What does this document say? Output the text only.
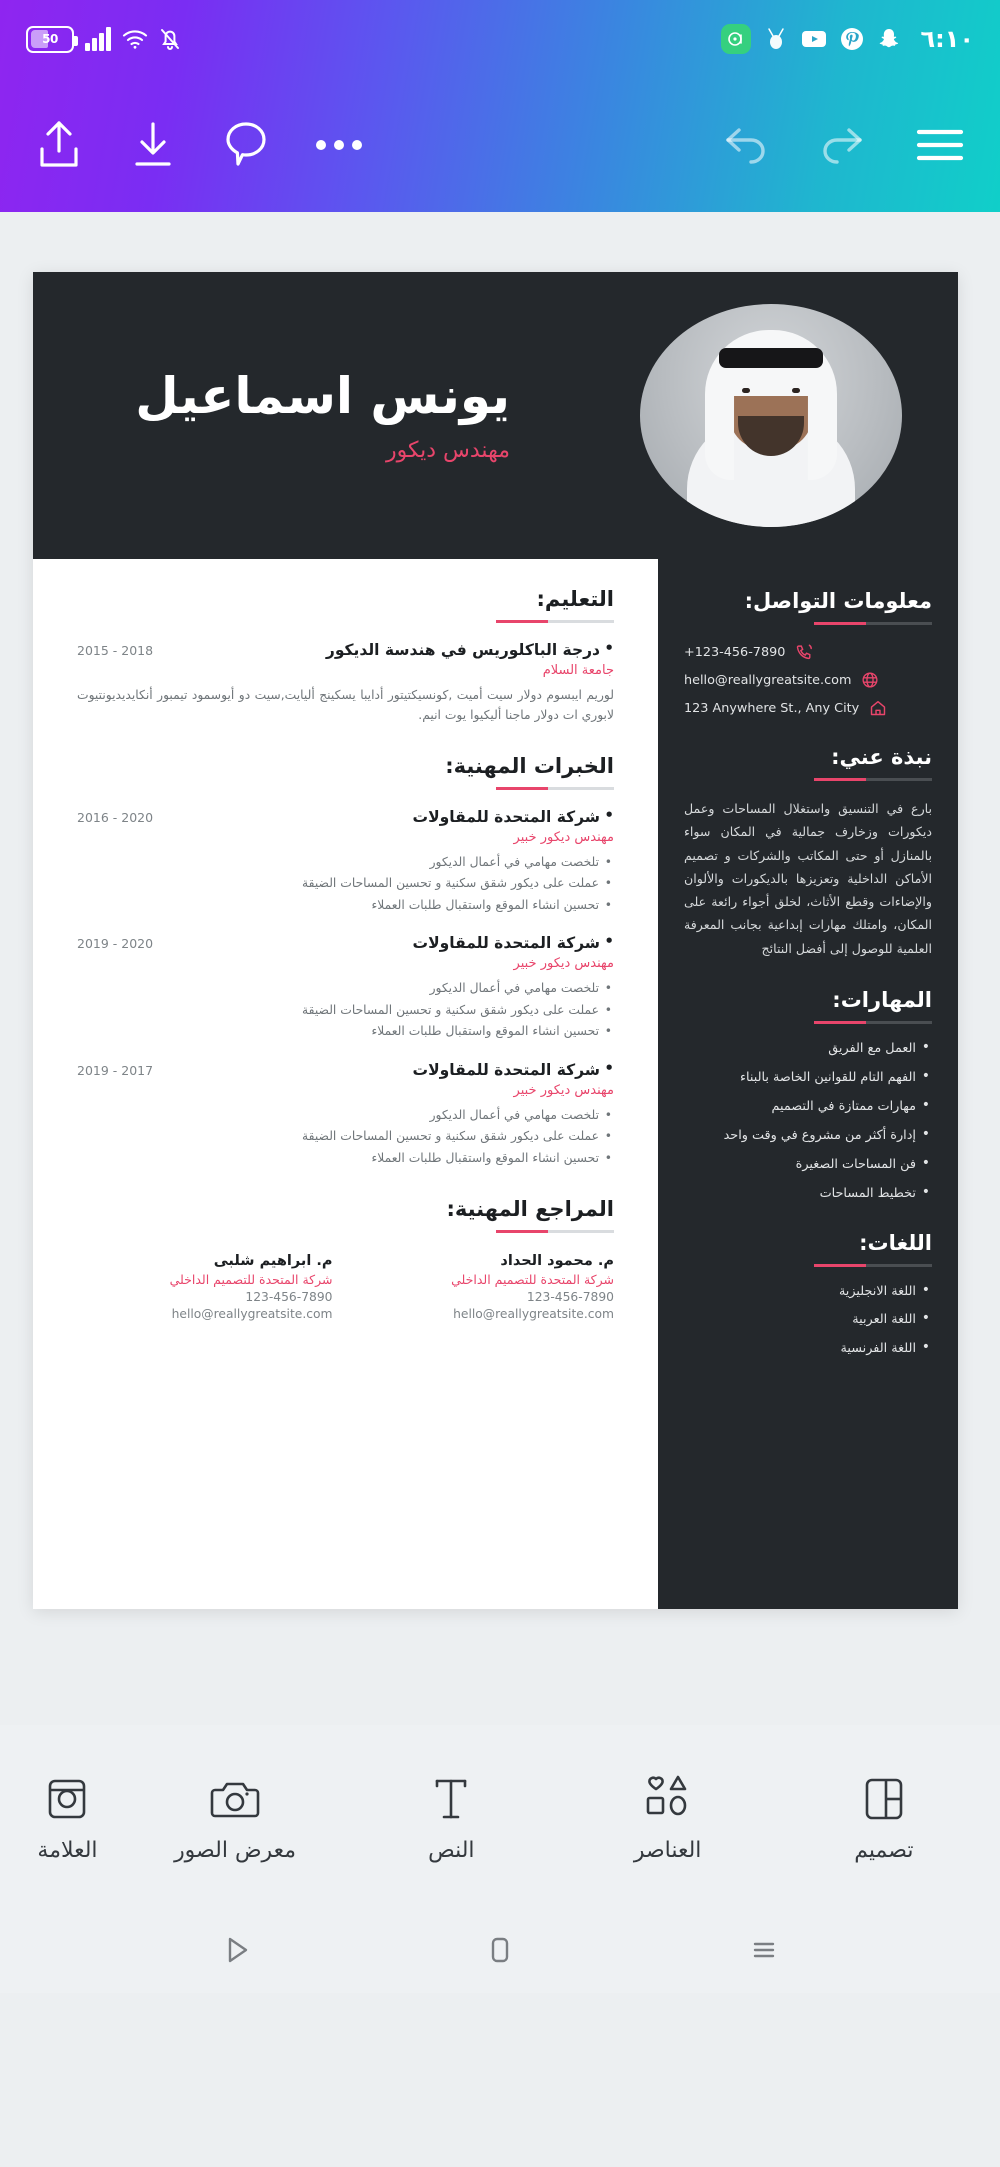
50	٦:١٠
يونس اسماعيل
مهندس ديكور
معلومات التواصل:
+123-456-7890
hello@reallygreatsite.com
123 Anywhere St., Any City
نبذة عني:
بارع في التنسيق واستغلال المساحات وعمل ديكورات وزخارف جمالية في المكان سواء بالمنازل أو حتى المكاتب والشركات و تصميم الأماكن الداخلية وتعزيزها بالديكورات والألوان والإضاءات وقطع الأثاث، لخلق أجواء رائعة على المكان، وامتلك مهارات إبداعية بجانب المعرفة العلمية للوصول إلى أفضل النتائج
المهارات:
• العمل مع الفريق
• الفهم التام للقوانين الخاصة بالبناء
• مهارات ممتازة في التصميم
• إدارة أكثر من مشروع في وقت واحد
• فن المساحات الصغيرة
• تخطيط المساحات
اللغات:
• اللغة الانجليزية
• اللغة العربية
• اللغة الفرنسية
التعليم:
• درجة الباكلوريس في هندسة الديكور
2015 - 2018
جامعة السلام
لوريم ايبسوم دولار سيت أميت ,كونسيكتيتور أدايبا يسكينج أليايت,سيت دو أيوسمود تيمبور أنكايديديونتيوت لابوري ات دولار ماجنا أليكيوا يوت انيم.
الخبرات المهنية:
• شركة المتحدة للمقاولات
2016 - 2020
مهندس ديكور خبير
• تلخصت مهامي في أعمال الديكور
• عملت على ديكور شقق سكنية و تحسين المساحات الضيقة
• تحسين انشاء الموقع واستقبال طلبات العملاء
• شركة المتحدة للمقاولات
2019 - 2020
مهندس ديكور خبير
• تلخصت مهامي في أعمال الديكور
• عملت على ديكور شقق سكنية و تحسين المساحات الضيقة
• تحسين انشاء الموقع واستقبال طلبات العملاء
• شركة المتحدة للمقاولات
2019 - 2017
مهندس ديكور خبير
• تلخصت مهامي في أعمال الديكور
• عملت على ديكور شقق سكنية و تحسين المساحات الضيقة
• تحسين انشاء الموقع واستقبال طلبات العملاء
المراجع المهنية:
م. محمود الحداد
شركة المتحدة للتصميم الداخلي
123-456-7890
hello@reallygreatsite.com
م. ابراهيم شلبى
شركة المتحدة للتصميم الداخلي
123-456-7890
hello@reallygreatsite.com
تصميم
العناصر
النص
معرض الصور
العلامة
